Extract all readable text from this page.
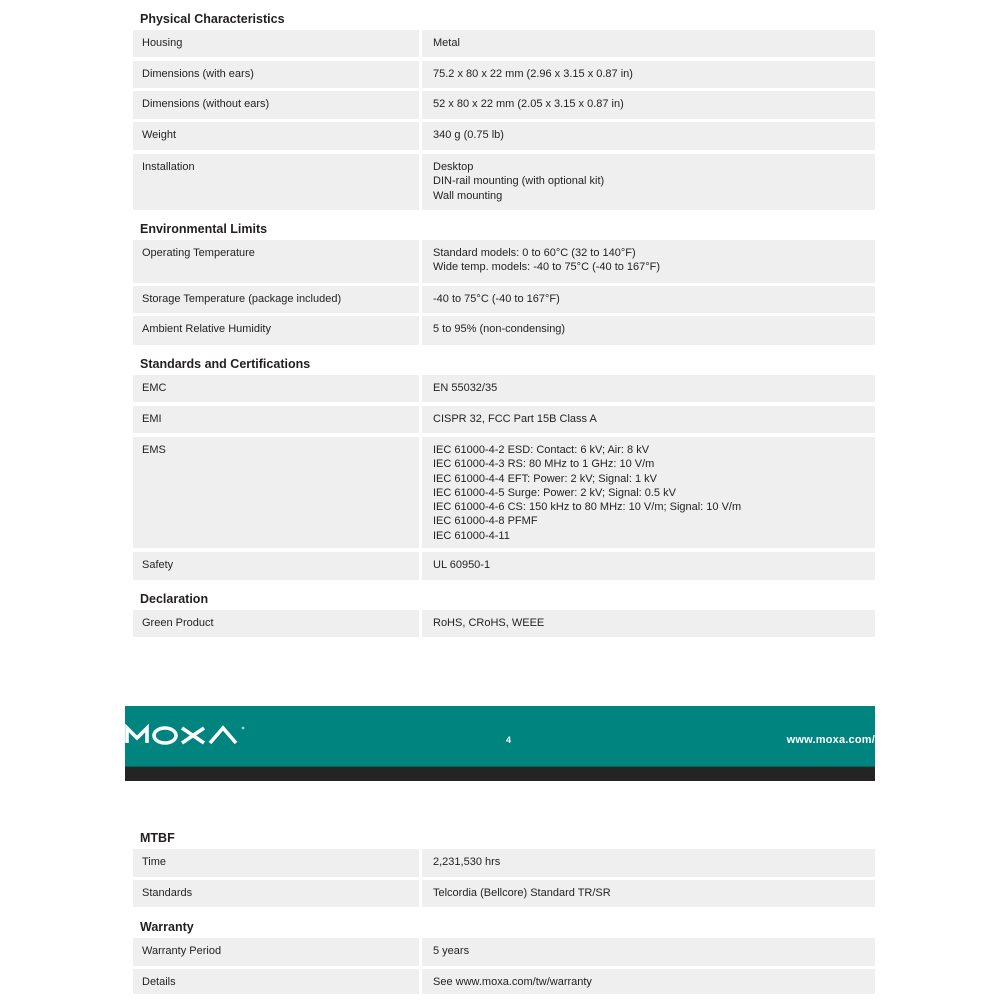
Physical Characteristics
Housing	Metal
Dimensions (with ears)	75.2 x 80 x 22 mm (2.96 x 3.15 x 0.87 in)
Dimensions (without ears)	52 x 80 x 22 mm (2.05 x 3.15 x 0.87 in)
Weight	340 g (0.75 lb)
Installation	Desktop
DIN-rail mounting (with optional kit)
Wall mounting
Environmental Limits
Operating Temperature	Standard models: 0 to 60°C (32 to 140°F)
Wide temp. models: -40 to 75°C (-40 to 167°F)
Storage Temperature (package included)	-40 to 75°C (-40 to 167°F)
Ambient Relative Humidity	5 to 95% (non-condensing)
Standards and Certifications
EMC	EN 55032/35
EMI	CISPR 32, FCC Part 15B Class A
EMS	IEC 61000-4-2 ESD: Contact: 6 kV; Air: 8 kV
IEC 61000-4-3 RS: 80 MHz to 1 GHz: 10 V/m
IEC 61000-4-4 EFT: Power: 2 kV; Signal: 1 kV
IEC 61000-4-5 Surge: Power: 2 kV; Signal: 0.5 kV
IEC 61000-4-6 CS: 150 kHz to 80 MHz: 10 V/m; Signal: 10 V/m
IEC 61000-4-8 PFMF
IEC 61000-4-11
Safety	UL 60950-1
Declaration
Green Product	RoHS, CRoHS, WEEE
4	www.moxa.com/
MTBF
Time	2,231,530 hrs
Standards	Telcordia (Bellcore) Standard TR/SR
Warranty
Warranty Period	5 years
Details	See www.moxa.com/tw/warranty
